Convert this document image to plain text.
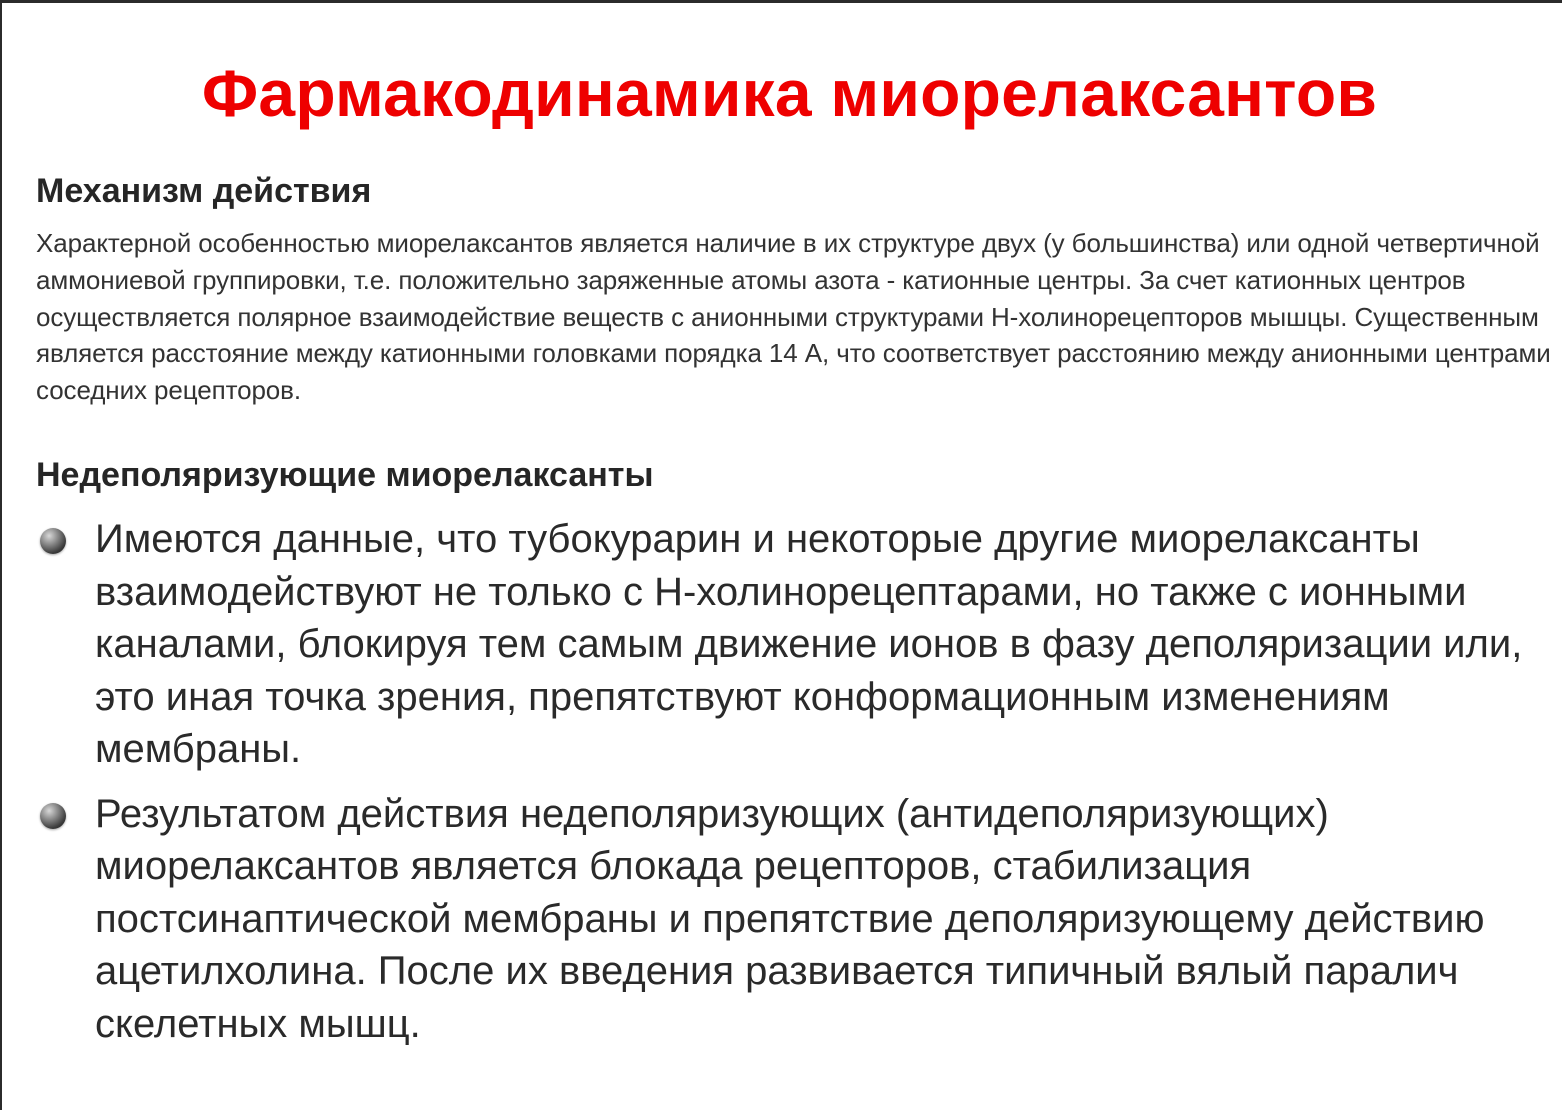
Фармакодинамика миорелаксантов
Механизм действия

Характерной особенностью миорелаксантов является наличие в их структуре двух (у большинства) или одной четвертичной аммониевой группировки, т.е. положительно заряженные атомы азота - катионные центры. За счет катионных центров осуществляется полярное взаимодействие веществ с анионными структурами Н-холинорецепторов мышцы. Существенным является расстояние между катионными головками порядка 14 А, что соответствует расстоянию между анионными центрами соседних рецепторов.

Недеполяризующие миорелаксанты
Имеются данные, что тубокурарин и некоторые другие миорелаксанты взаимодействуют не только с Н-холинорецептарами, но также с ионными каналами, блокируя тем самым движение ионов в фазу деполяризации или, это иная точка зрения, препятствуют конформационным изменениям мембраны.
Результатом действия недеполяризующих (антидеполяризующих) миорелаксантов является блокада рецепторов, стабилизация постсинаптической мембраны и препятствие деполяризующему действию ацетилхолина. После их введения развивается типичный вялый паралич скелетных мышц.
